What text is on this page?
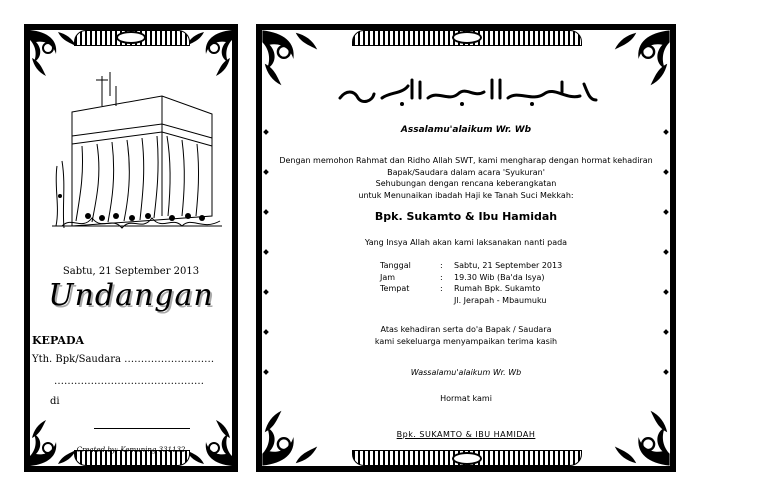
Sabtu, 21 September 2013
Undangan
KEPADA
Yth. Bpk/Saudara ………………………
………………………………………
di
Created by: Kemuning 331132
Assalamu'alaikum Wr. Wb
Dengan memohon Rahmat dan Ridho Allah SWT, kami mengharap dengan hormat kehadiran
Bapak/Saudara dalam acara 'Syukuran'
Sehubungan dengan rencana keberangkatan
untuk Menunaikan ibadah Haji ke Tanah Suci Mekkah:
Bpk. Sukamto & Ibu Hamidah
Yang Insya Allah akan kami laksanakan nanti pada
Tanggal	:	Sabtu, 21 September 2013
Jam	:	19.30 Wib (Ba'da Isya)
Tempat	:	Rumah Bpk. Sukamto
		Jl. Jerapah - Mbaumuku
Atas kehadiran serta do'a Bapak / Saudara
kami sekeluarga menyampaikan terima kasih
Wassalamu'alaikum Wr. Wb
Hormat kami
Bpk. SUKAMTO & IBU HAMIDAH
